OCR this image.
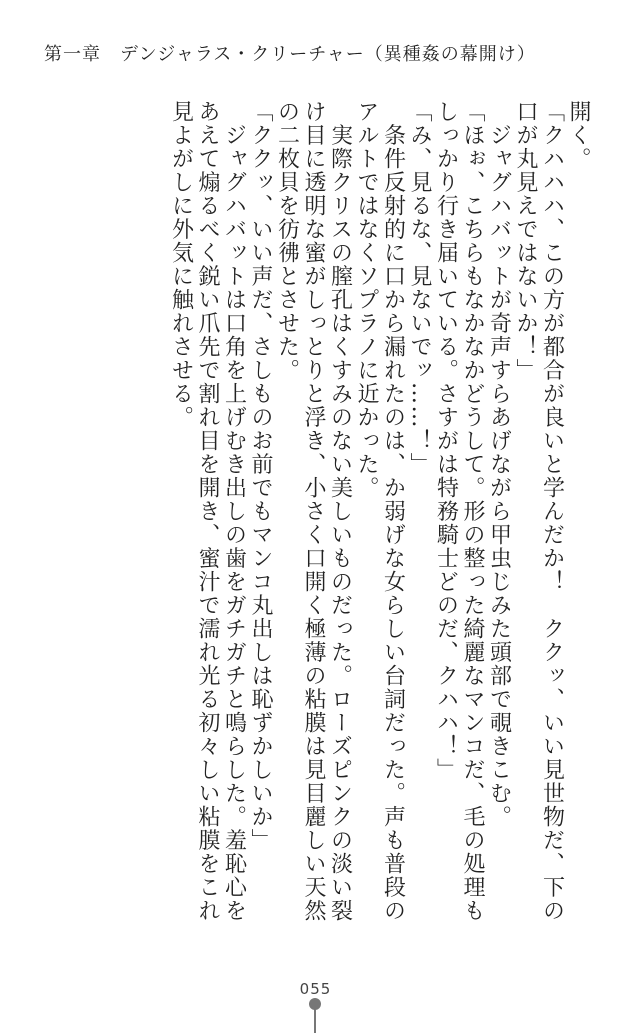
第一章　デンジャラス・クリーチャー（異種姦の幕開け）

開く。

「クハハハ、この方が都合が良いと学んだか！　ククッ、いい見世物だ、下の口が丸見えではないか！」

　ジャグハバットが奇声すらあげながら甲虫じみた頭部で覗きこむ。

「ほぉ、こちらもなかなかどうして。形の整った綺麗なマンコだ、毛の処理もしっかり行き届いている。さすがは特務騎士どのだ、クハハ！」

「み、見るな、見ないでッ……！」

　条件反射的に口から漏れたのは、か弱げな女らしい台詞だった。声も普段のアルトではなくソプラノに近かった。

　実際クリスの膣孔はくすみのない美しいものだった。ローズピンクの淡い裂け目に透明な蜜がしっとりと浮き、小さく口開く極薄の粘膜は見目麗しい天然の二枚貝を彷彿とさせた。

「ククッ、いい声だ、さしものお前でもマンコ丸出しは恥ずかしいか」

　ジャグハバットは口角を上げむき出しの歯をガチガチと鳴らした。羞恥心をあえて煽るべく鋭い爪先で割れ目を開き、蜜汁で濡れ光る初々しい粘膜をこれ見よがしに外気に触れさせる。

055
